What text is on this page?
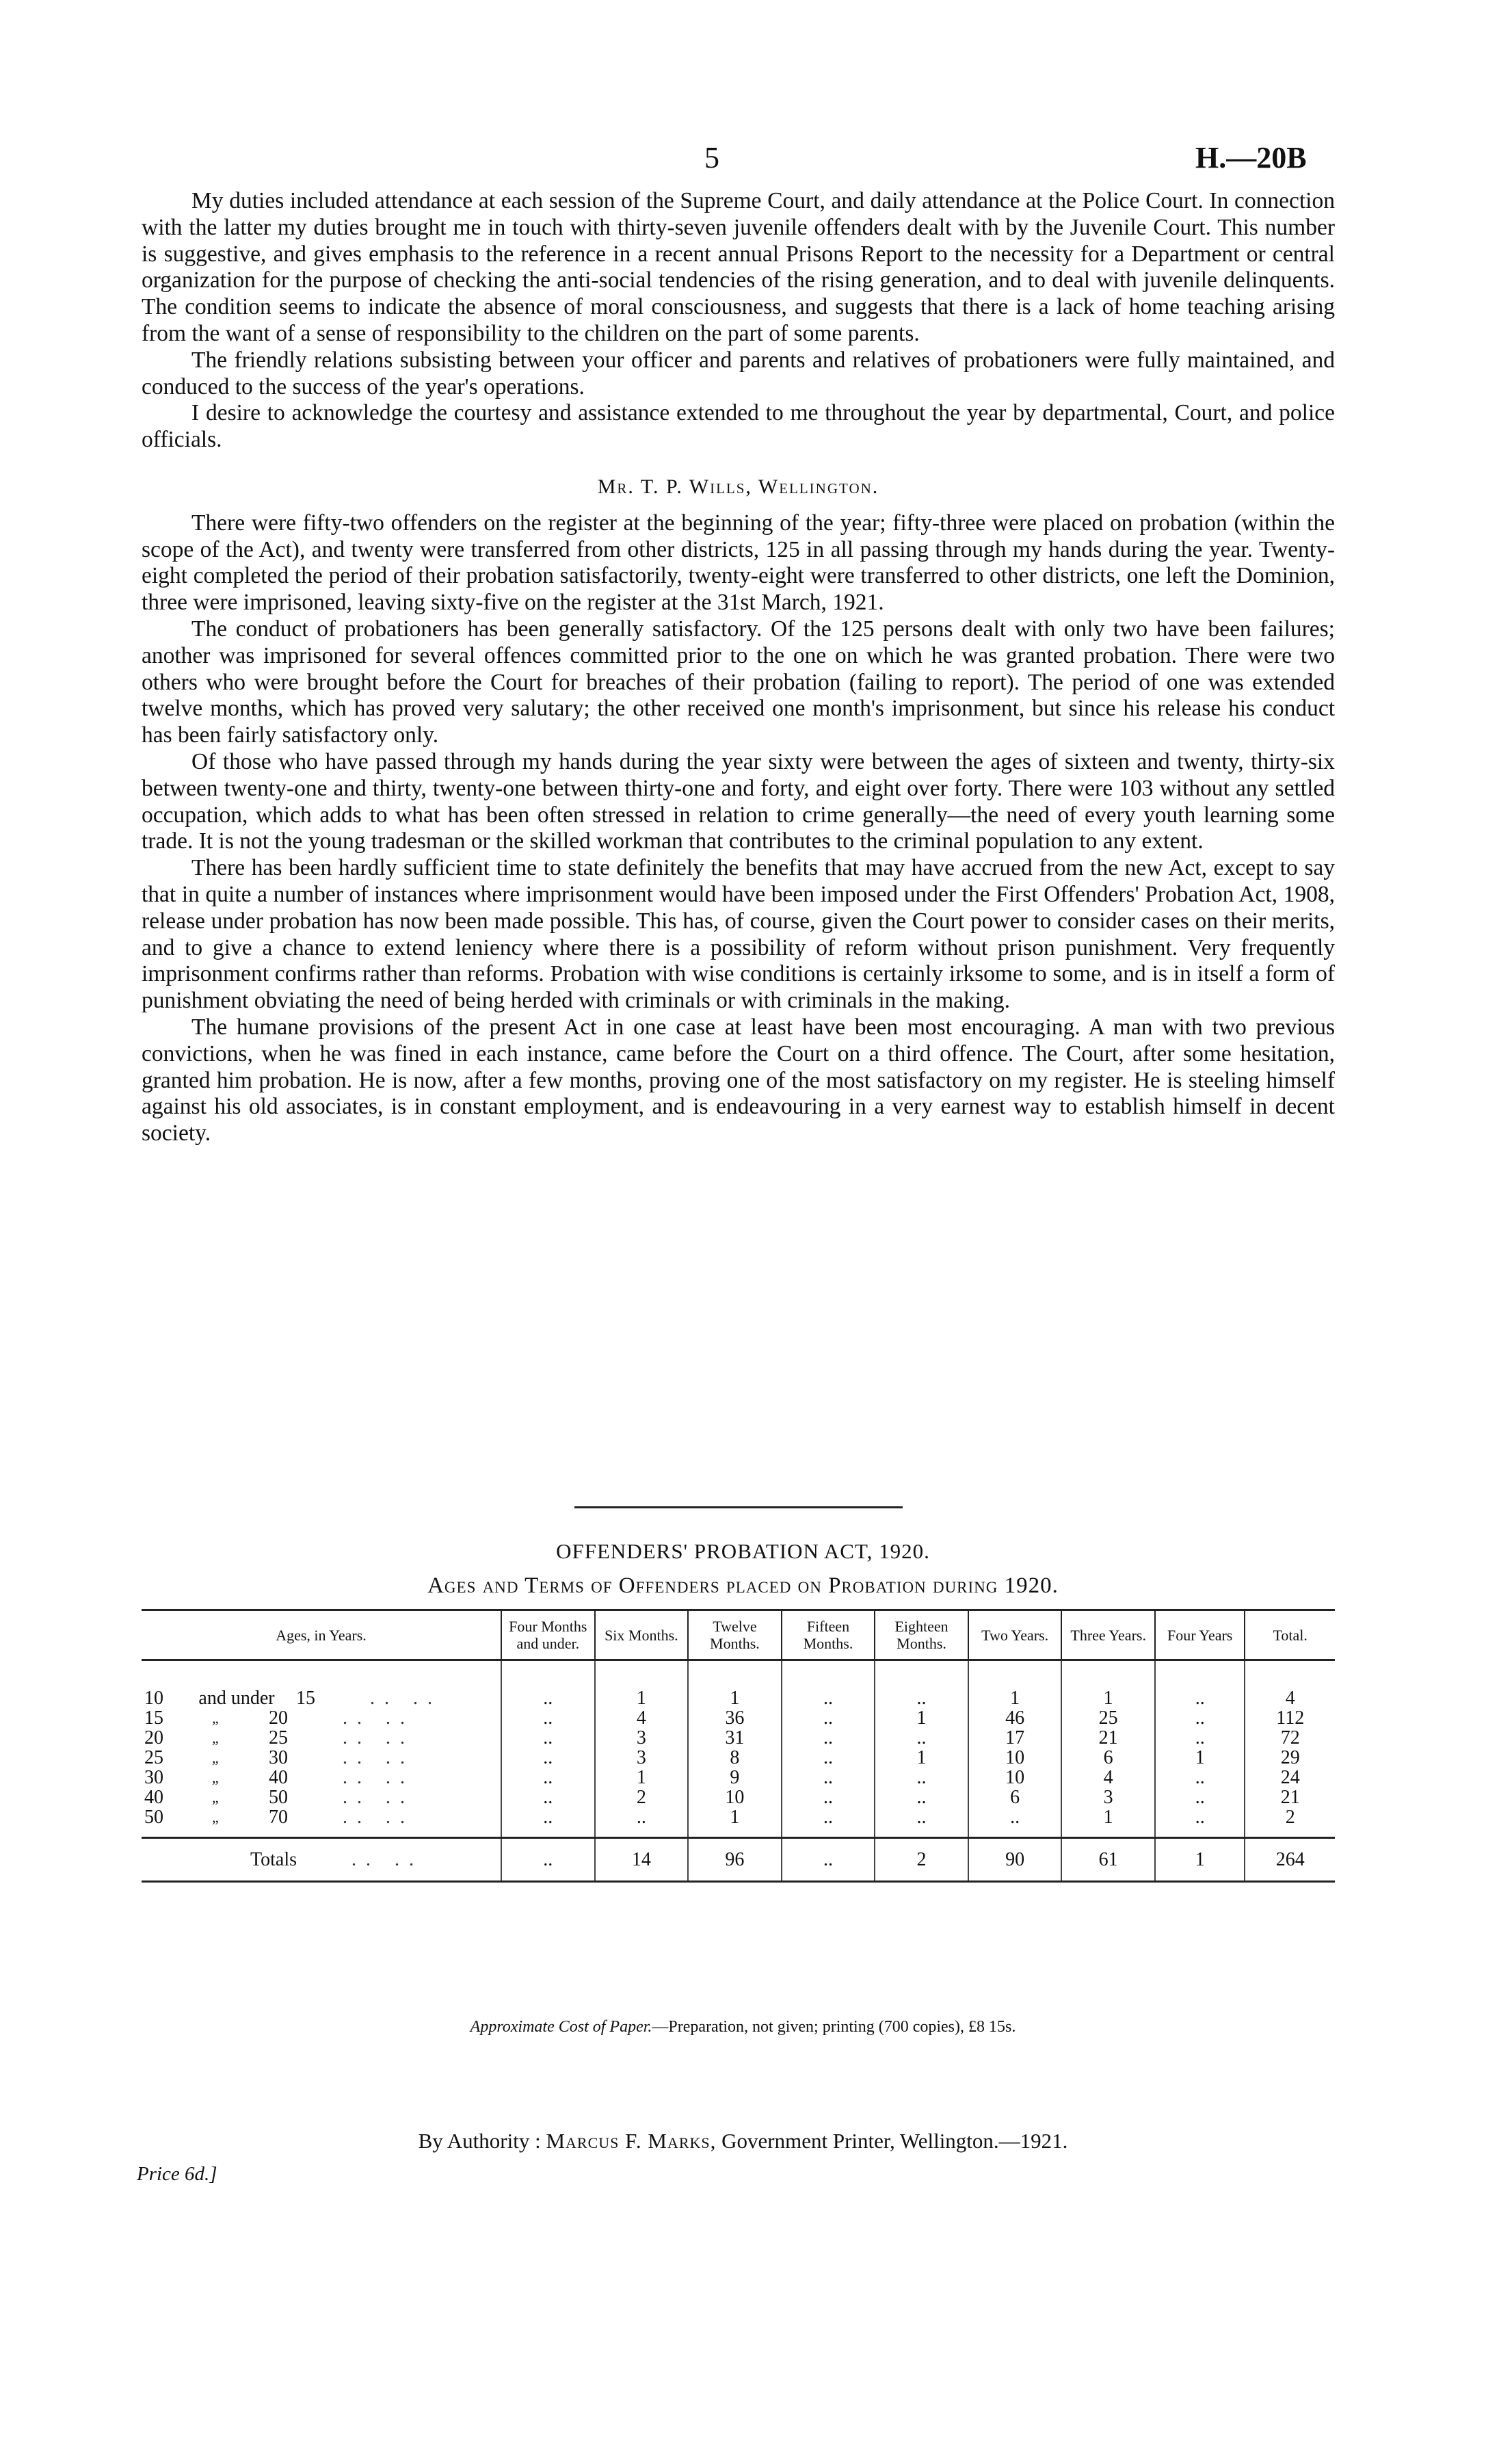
5	H.—20B

My duties included attendance at each session of the Supreme Court, and daily attendance at the Police Court. In connection with the latter my duties brought me in touch with thirty-seven juvenile offenders dealt with by the Juvenile Court. This number is suggestive, and gives emphasis to the reference in a recent annual Prisons Report to the necessity for a Department or central organization for the purpose of checking the anti-social tendencies of the rising generation, and to deal with juvenile delinquents. The condition seems to indicate the absence of moral consciousness, and suggests that there is a lack of home teaching arising from the want of a sense of responsibility to the children on the part of some parents.

The friendly relations subsisting between your officer and parents and relatives of probationers were fully maintained, and conduced to the success of the year's operations.

I desire to acknowledge the courtesy and assistance extended to me throughout the year by departmental, Court, and police officials.

Mr. T. P. Wills, Wellington.

There were fifty-two offenders on the register at the beginning of the year; fifty-three were placed on probation (within the scope of the Act), and twenty were transferred from other districts, 125 in all passing through my hands during the year. Twenty-eight completed the period of their probation satisfactorily, twenty-eight were transferred to other districts, one left the Dominion, three were imprisoned, leaving sixty-five on the register at the 31st March, 1921.

The conduct of probationers has been generally satisfactory. Of the 125 persons dealt with only two have been failures; another was imprisoned for several offences committed prior to the one on which he was granted probation. There were two others who were brought before the Court for breaches of their probation (failing to report). The period of one was extended twelve months, which has proved very salutary; the other received one month's imprisonment, but since his release his conduct has been fairly satisfactory only.

Of those who have passed through my hands during the year sixty were between the ages of sixteen and twenty, thirty-six between twenty-one and thirty, twenty-one between thirty-one and forty, and eight over forty. There were 103 without any settled occupation, which adds to what has been often stressed in relation to crime generally—the need of every youth learning some trade. It is not the young tradesman or the skilled workman that contributes to the criminal population to any extent.

There has been hardly sufficient time to state definitely the benefits that may have accrued from the new Act, except to say that in quite a number of instances where imprisonment would have been imposed under the First Offenders' Probation Act, 1908, release under probation has now been made possible. This has, of course, given the Court power to consider cases on their merits, and to give a chance to extend leniency where there is a possibility of reform without prison punishment. Very frequently imprisonment confirms rather than reforms. Probation with wise conditions is certainly irksome to some, and is in itself a form of punishment obviating the need of being herded with criminals or with criminals in the making.

The humane provisions of the present Act in one case at least have been most encouraging. A man with two previous convictions, when he was fined in each instance, came before the Court on a third offence. The Court, after some hesitation, granted him probation. He is now, after a few months, proving one of the most satisfactory on my register. He is steeling himself against his old associates, is in constant employment, and is endeavouring in a very earnest way to establish himself in decent society.

OFFENDERS' PROBATION ACT, 1920.
Ages and Terms of Offenders placed on Probation during 1920.
Ages, in Years.	Four Months and under.	Six Months.	Twelve Months.	Fifteen Months.	Eighteen Months.	Two Years.	Three Years.	Four Years	Total.

10 and under 15 .. ..	..	1	1	..	..	1	1	..	4

15 „ 20 .. ..	..	4	36	..	1	46	25	..	112

20 „ 25 .. ..	..	3	31	..	..	17	21	..	72

25 „ 30 .. ..	..	3	8	..	1	10	6	1	29

30 „ 40 .. ..	..	1	9	..	..	10	4	..	24

40 „ 50 .. ..	..	2	10	..	..	6	3	..	21

50 „ 70 .. ..	..	..	1	..	..	..	1	..	2

Totals .. ..	..	14	96	..	2	90	61	1	264
Approximate Cost of Paper.—Preparation, not given; printing (700 copies), £8 15s.
By Authority : Marcus F. Marks, Government Printer, Wellington.—1921.
Price 6d.]
